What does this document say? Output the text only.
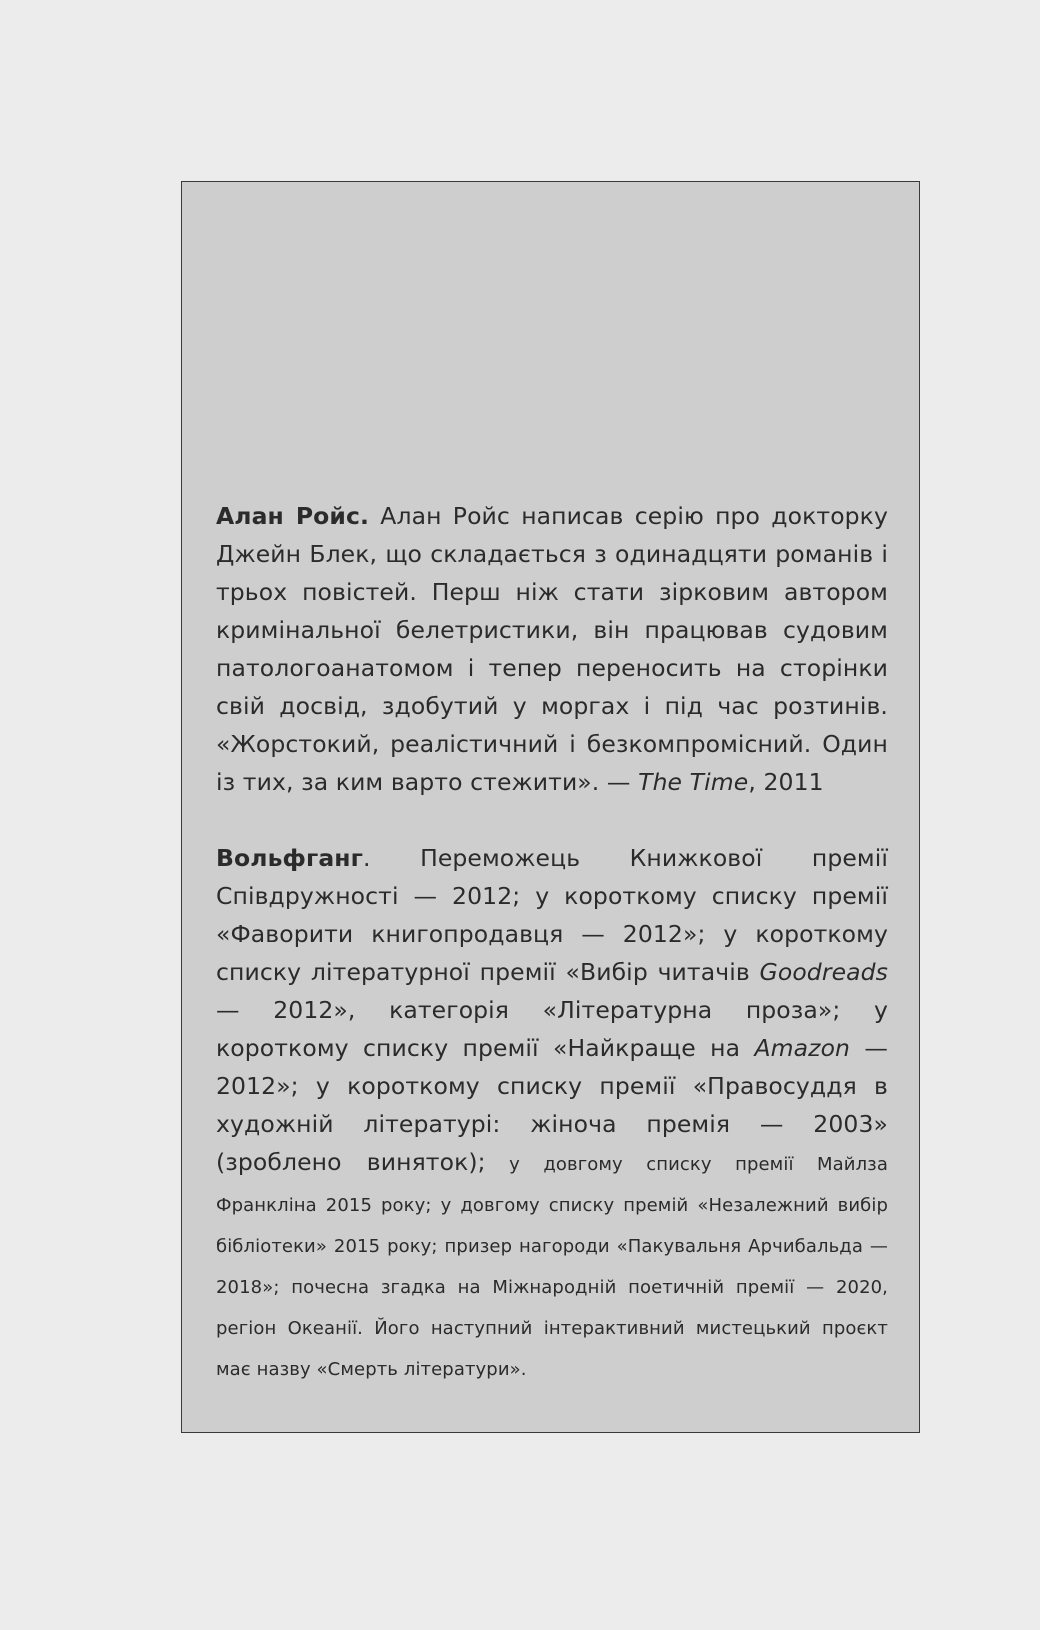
Алан Ройс. Алан Ройс написав серію про докторку Джейн Блек, що складається з одинадцяти романів і трьох повістей. Перш ніж стати зірковим автором кримінальної белетристики, він працював судовим патологоанатомом і тепер переносить на сторінки свій досвід, здобутий у моргах і під час розтинів. «Жорстокий, реалістичний і безкомпромісний. Один із тих, за ким варто стежити». — The Time, 2011

Вольфганг. Переможець Книжкової премії Співдружності — 2012; у короткому списку премії «Фаворити книгопродавця — 2012»; у короткому списку літературної премії «Вибір читачів Goodreads — 2012», категорія «Літературна проза»; у короткому списку премії «Найкраще на Amazon — 2012»; у короткому списку премії «Правосуддя в художній літературі: жіноча премія — 2003» (зроблено виняток); у довгому списку премії Майлза Франкліна 2015 року; у довгому списку премій «Незалежний вибір бібліотеки» 2015 року; призер нагороди «Пакувальня Арчибальда — 2018»; почесна згадка на Міжнародній поетичній премії — 2020, регіон Океанії. Його наступний інтерактивний мистецький проєкт має назву «Смерть літератури».
